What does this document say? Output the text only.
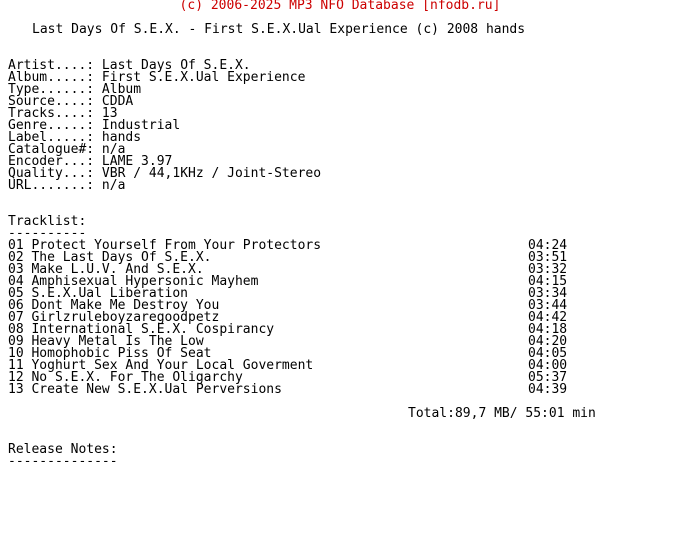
(c) 2006-2025 MP3 NFO Database [nfodb.ru]
Last Days Of S.E.X. - First S.E.X.Ual Experience (c) 2008 hands
Artist....: Last Days Of S.E.X.
Album.....: First S.E.X.Ual Experience
Type......: Album
Source....: CDDA
Tracks....: 13
Genre.....: Industrial
Label.....: hands
Catalogue#: n/a
Encoder...: LAME 3.97
Quality...: VBR / 44,1KHz / Joint-Stereo
URL.......: n/a
Tracklist:
----------
01 Protect Yourself From Your Protectors	04:24
02 The Last Days Of S.E.X.	03:51
03 Make L.U.V. And S.E.X.	03:32
04 Amphisexual Hypersonic Mayhem	04:15
05 S.E.X.Ual Liberation	03:34
06 Dont Make Me Destroy You	03:44
07 Girlzruleboyzaregoodpetz	04:42
08 International S.E.X. Cospirancy	04:18
09 Heavy Metal Is The Low	04:20
10 Homophobic Piss Of Seat	04:05
11 Yoghurt Sex And Your Local Goverment	04:00
12 No S.E.X. For The Oligarchy	05:37
13 Create New S.E.X.Ual Perversions	04:39
Total:89,7 MB/ 55:01 min
Release Notes:
--------------
